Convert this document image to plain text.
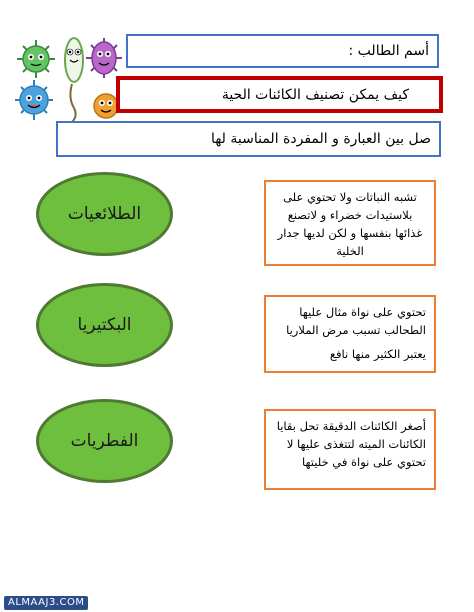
أسم الطالب :
كيف يمكن تصنيف الكائنات الحية
صل بين العبارة و المفردة المناسبة لها
الطلائعيات
البكتيريا
الفطريات
تشبه النباتات ولا تحتوي على
بلاستيدات خضراء و لاتصنع
غذائها بنفسها و لكن لديها جدار
الخلية
تحتوي على نواة مثال عليها
الطحالب تسبب مرض الملاريا
يعتبر الكثير منها نافع
أصغر الكائنات الدقيقة تحل بقايا
الكائنات الميته لتتغذى عليها لا
تحتوي على نواة في خليتها
ALMAAJ3.COM
